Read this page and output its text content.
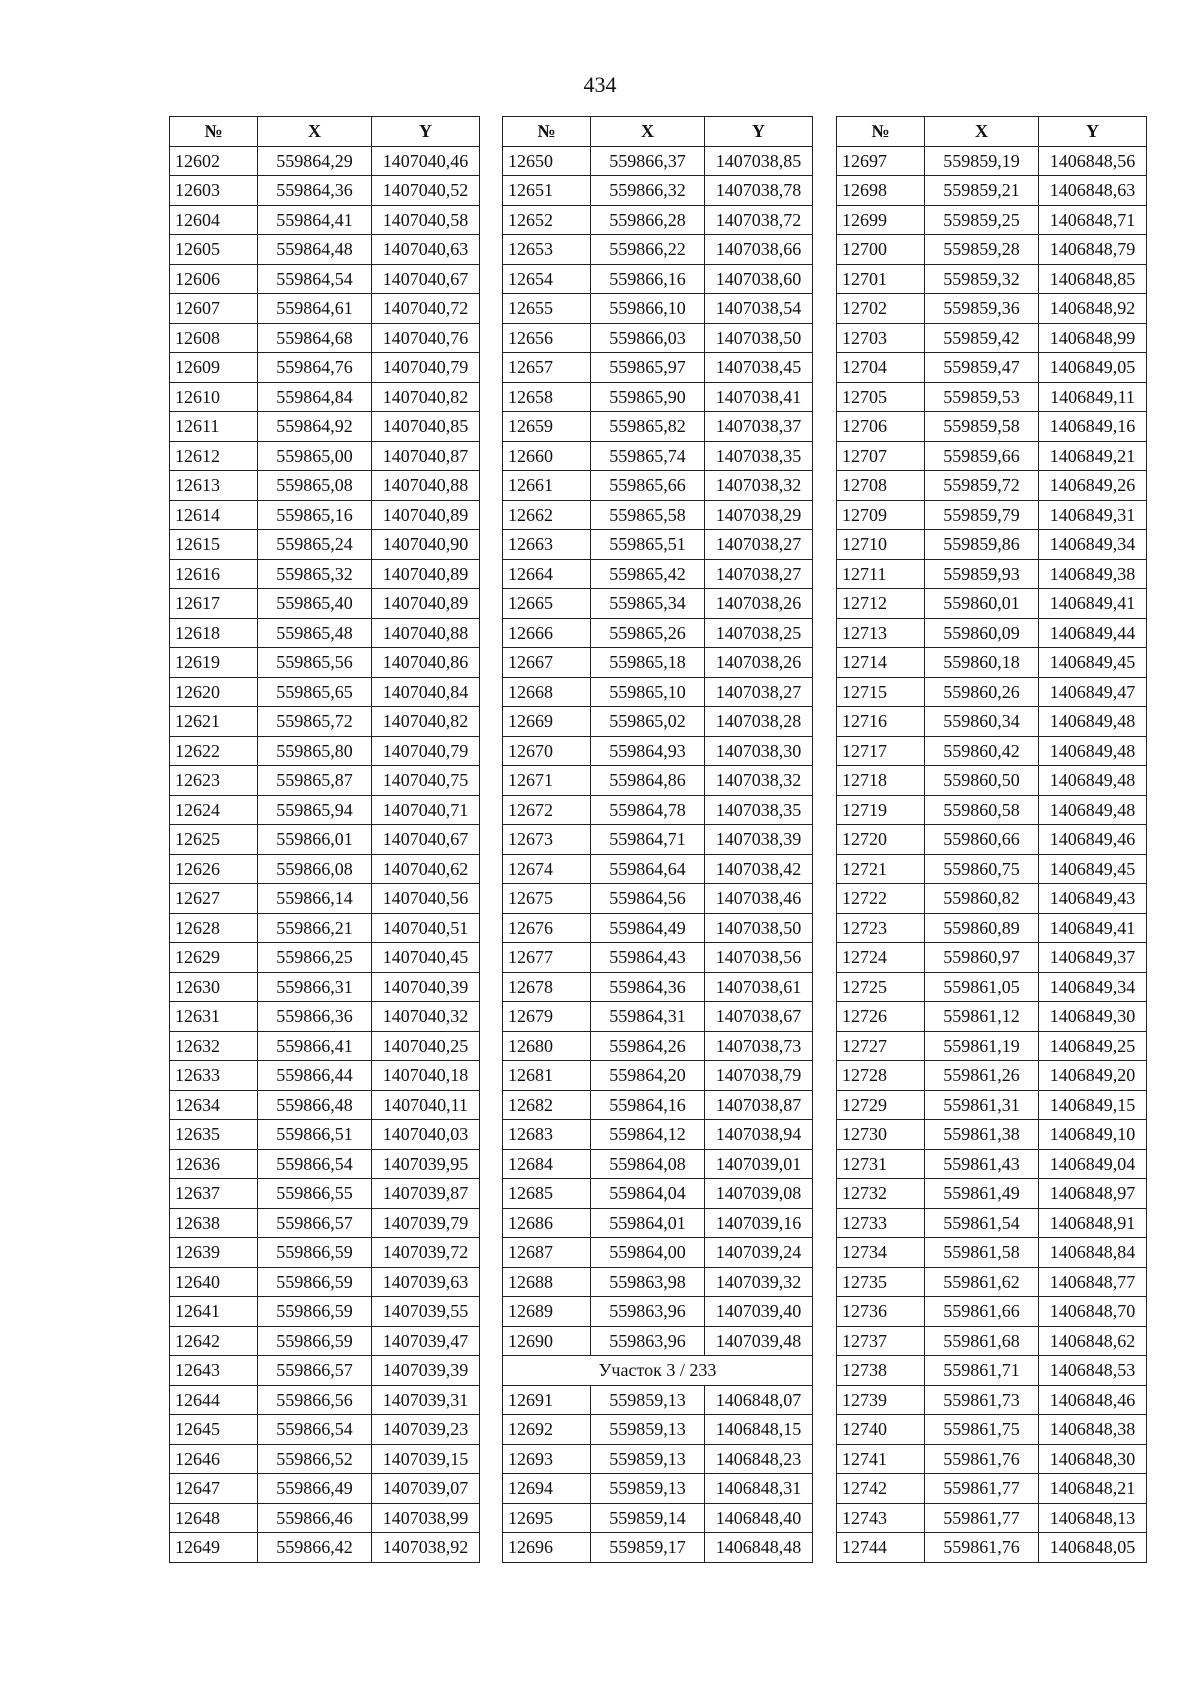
434
№	X	Y
12602	559864,29	1407040,46
12603	559864,36	1407040,52
12604	559864,41	1407040,58
12605	559864,48	1407040,63
12606	559864,54	1407040,67
12607	559864,61	1407040,72
12608	559864,68	1407040,76
12609	559864,76	1407040,79
12610	559864,84	1407040,82
12611	559864,92	1407040,85
12612	559865,00	1407040,87
12613	559865,08	1407040,88
12614	559865,16	1407040,89
12615	559865,24	1407040,90
12616	559865,32	1407040,89
12617	559865,40	1407040,89
12618	559865,48	1407040,88
12619	559865,56	1407040,86
12620	559865,65	1407040,84
12621	559865,72	1407040,82
12622	559865,80	1407040,79
12623	559865,87	1407040,75
12624	559865,94	1407040,71
12625	559866,01	1407040,67
12626	559866,08	1407040,62
12627	559866,14	1407040,56
12628	559866,21	1407040,51
12629	559866,25	1407040,45
12630	559866,31	1407040,39
12631	559866,36	1407040,32
12632	559866,41	1407040,25
12633	559866,44	1407040,18
12634	559866,48	1407040,11
12635	559866,51	1407040,03
12636	559866,54	1407039,95
12637	559866,55	1407039,87
12638	559866,57	1407039,79
12639	559866,59	1407039,72
12640	559866,59	1407039,63
12641	559866,59	1407039,55
12642	559866,59	1407039,47
12643	559866,57	1407039,39
12644	559866,56	1407039,31
12645	559866,54	1407039,23
12646	559866,52	1407039,15
12647	559866,49	1407039,07
12648	559866,46	1407038,99
12649	559866,42	1407038,92
№	X	Y
12650	559866,37	1407038,85
12651	559866,32	1407038,78
12652	559866,28	1407038,72
12653	559866,22	1407038,66
12654	559866,16	1407038,60
12655	559866,10	1407038,54
12656	559866,03	1407038,50
12657	559865,97	1407038,45
12658	559865,90	1407038,41
12659	559865,82	1407038,37
12660	559865,74	1407038,35
12661	559865,66	1407038,32
12662	559865,58	1407038,29
12663	559865,51	1407038,27
12664	559865,42	1407038,27
12665	559865,34	1407038,26
12666	559865,26	1407038,25
12667	559865,18	1407038,26
12668	559865,10	1407038,27
12669	559865,02	1407038,28
12670	559864,93	1407038,30
12671	559864,86	1407038,32
12672	559864,78	1407038,35
12673	559864,71	1407038,39
12674	559864,64	1407038,42
12675	559864,56	1407038,46
12676	559864,49	1407038,50
12677	559864,43	1407038,56
12678	559864,36	1407038,61
12679	559864,31	1407038,67
12680	559864,26	1407038,73
12681	559864,20	1407038,79
12682	559864,16	1407038,87
12683	559864,12	1407038,94
12684	559864,08	1407039,01
12685	559864,04	1407039,08
12686	559864,01	1407039,16
12687	559864,00	1407039,24
12688	559863,98	1407039,32
12689	559863,96	1407039,40
12690	559863,96	1407039,48
Участок 3 / 233		
12691	559859,13	1406848,07
12692	559859,13	1406848,15
12693	559859,13	1406848,23
12694	559859,13	1406848,31
12695	559859,14	1406848,40
12696	559859,17	1406848,48
№	X	Y
12697	559859,19	1406848,56
12698	559859,21	1406848,63
12699	559859,25	1406848,71
12700	559859,28	1406848,79
12701	559859,32	1406848,85
12702	559859,36	1406848,92
12703	559859,42	1406848,99
12704	559859,47	1406849,05
12705	559859,53	1406849,11
12706	559859,58	1406849,16
12707	559859,66	1406849,21
12708	559859,72	1406849,26
12709	559859,79	1406849,31
12710	559859,86	1406849,34
12711	559859,93	1406849,38
12712	559860,01	1406849,41
12713	559860,09	1406849,44
12714	559860,18	1406849,45
12715	559860,26	1406849,47
12716	559860,34	1406849,48
12717	559860,42	1406849,48
12718	559860,50	1406849,48
12719	559860,58	1406849,48
12720	559860,66	1406849,46
12721	559860,75	1406849,45
12722	559860,82	1406849,43
12723	559860,89	1406849,41
12724	559860,97	1406849,37
12725	559861,05	1406849,34
12726	559861,12	1406849,30
12727	559861,19	1406849,25
12728	559861,26	1406849,20
12729	559861,31	1406849,15
12730	559861,38	1406849,10
12731	559861,43	1406849,04
12732	559861,49	1406848,97
12733	559861,54	1406848,91
12734	559861,58	1406848,84
12735	559861,62	1406848,77
12736	559861,66	1406848,70
12737	559861,68	1406848,62
12738	559861,71	1406848,53
12739	559861,73	1406848,46
12740	559861,75	1406848,38
12741	559861,76	1406848,30
12742	559861,77	1406848,21
12743	559861,77	1406848,13
12744	559861,76	1406848,05
